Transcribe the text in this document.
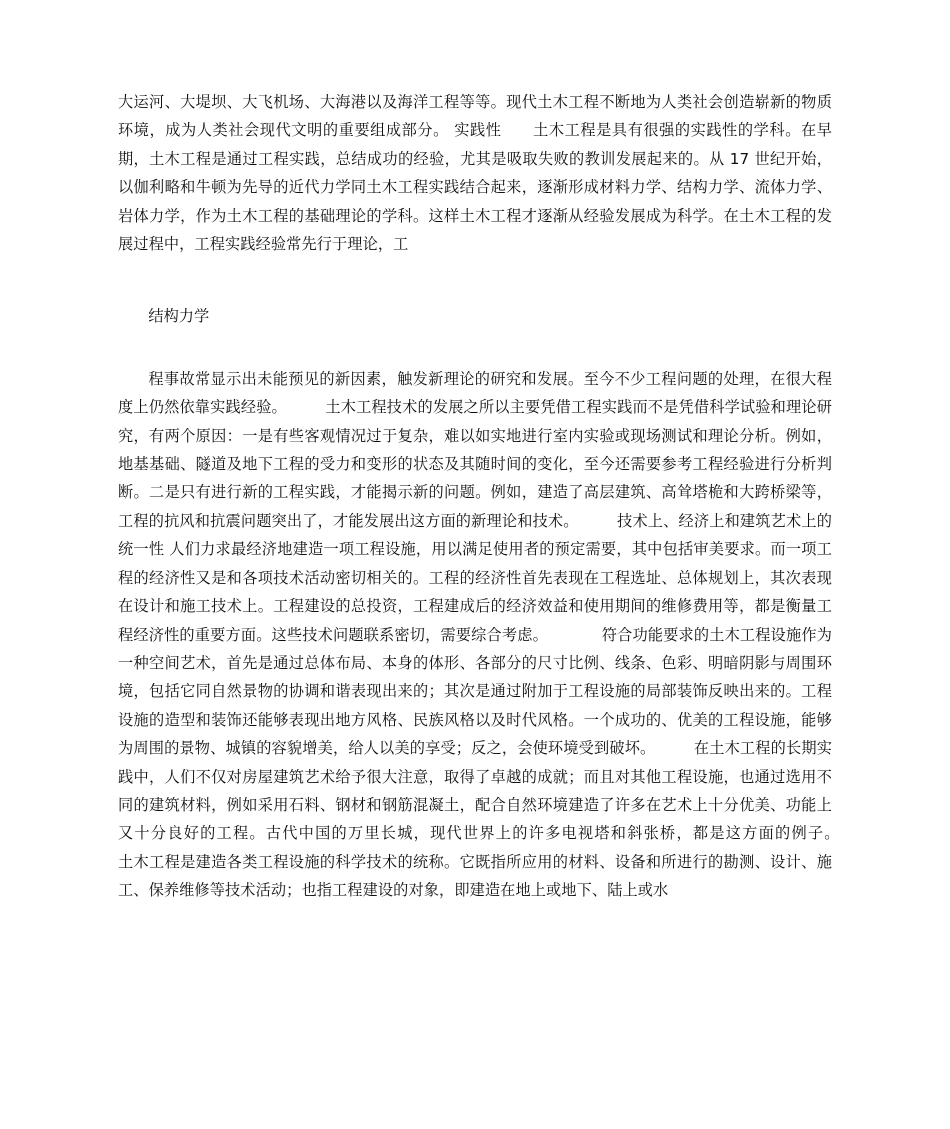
大运河、大堤坝、大飞机场、大海港以及海洋工程等等。现代土木工程不断地为人类社会创造崭新的物质环境，成为人类社会现代文明的重要组成部分。 实践性　　土木工程是具有很强的实践性的学科。在早期，土木工程是通过工程实践，总结成功的经验，尤其是吸取失败的教训发展起来的。从 17 世纪开始，以伽利略和牛顿为先导的近代力学同土木工程实践结合起来，逐渐形成材料力学、结构力学、流体力学、岩体力学，作为土木工程的基础理论的学科。这样土木工程才逐渐从经验发展成为科学。在土木工程的发展过程中，工程实践经验常先行于理论，工

结构力学

程事故常显示出未能预见的新因素，触发新理论的研究和发展。至今不少工程问题的处理，在很大程度上仍然依靠实践经验。　　　土木工程技术的发展之所以主要凭借工程实践而不是凭借科学试验和理论研究，有两个原因：一是有些客观情况过于复杂，难以如实地进行室内实验或现场测试和理论分析。例如，地基基础、隧道及地下工程的受力和变形的状态及其随时间的变化，至今还需要参考工程经验进行分析判断。二是只有进行新的工程实践，才能揭示新的问题。例如，建造了高层建筑、高耸塔桅和大跨桥梁等，工程的抗风和抗震问题突出了，才能发展出这方面的新理论和技术。　　　技术上、经济上和建筑艺术上的统一性 人们力求最经济地建造一项工程设施，用以满足使用者的预定需要，其中包括审美要求。而一项工程的经济性又是和各项技术活动密切相关的。工程的经济性首先表现在工程选址、总体规划上，其次表现在设计和施工技术上。工程建设的总投资，工程建成后的经济效益和使用期间的维修费用等，都是衡量工程经济性的重要方面。这些技术问题联系密切，需要综合考虑。　　　　符合功能要求的土木工程设施作为一种空间艺术，首先是通过总体布局、本身的体形、各部分的尺寸比例、线条、色彩、明暗阴影与周围环境，包括它同自然景物的协调和谐表现出来的；其次是通过附加于工程设施的局部装饰反映出来的。工程设施的造型和装饰还能够表现出地方风格、民族风格以及时代风格。一个成功的、优美的工程设施，能够为周围的景物、城镇的容貌增美，给人以美的享受；反之，会使环境受到破坏。　　　在土木工程的长期实践中，人们不仅对房屋建筑艺术给予很大注意，取得了卓越的成就；而且对其他工程设施，也通过选用不同的建筑材料，例如采用石料、钢材和钢筋混凝土，配合自然环境建造了许多在艺术上十分优美、功能上又十分良好的工程。古代中国的万里长城，现代世界上的许多电视塔和斜张桥，都是这方面的例子。　　　土木工程是建造各类工程设施的科学技术的统称。它既指所应用的材料、设备和所进行的勘测、设计、施工、保养维修等技术活动；也指工程建设的对象，即建造在地上或地下、陆上或水
